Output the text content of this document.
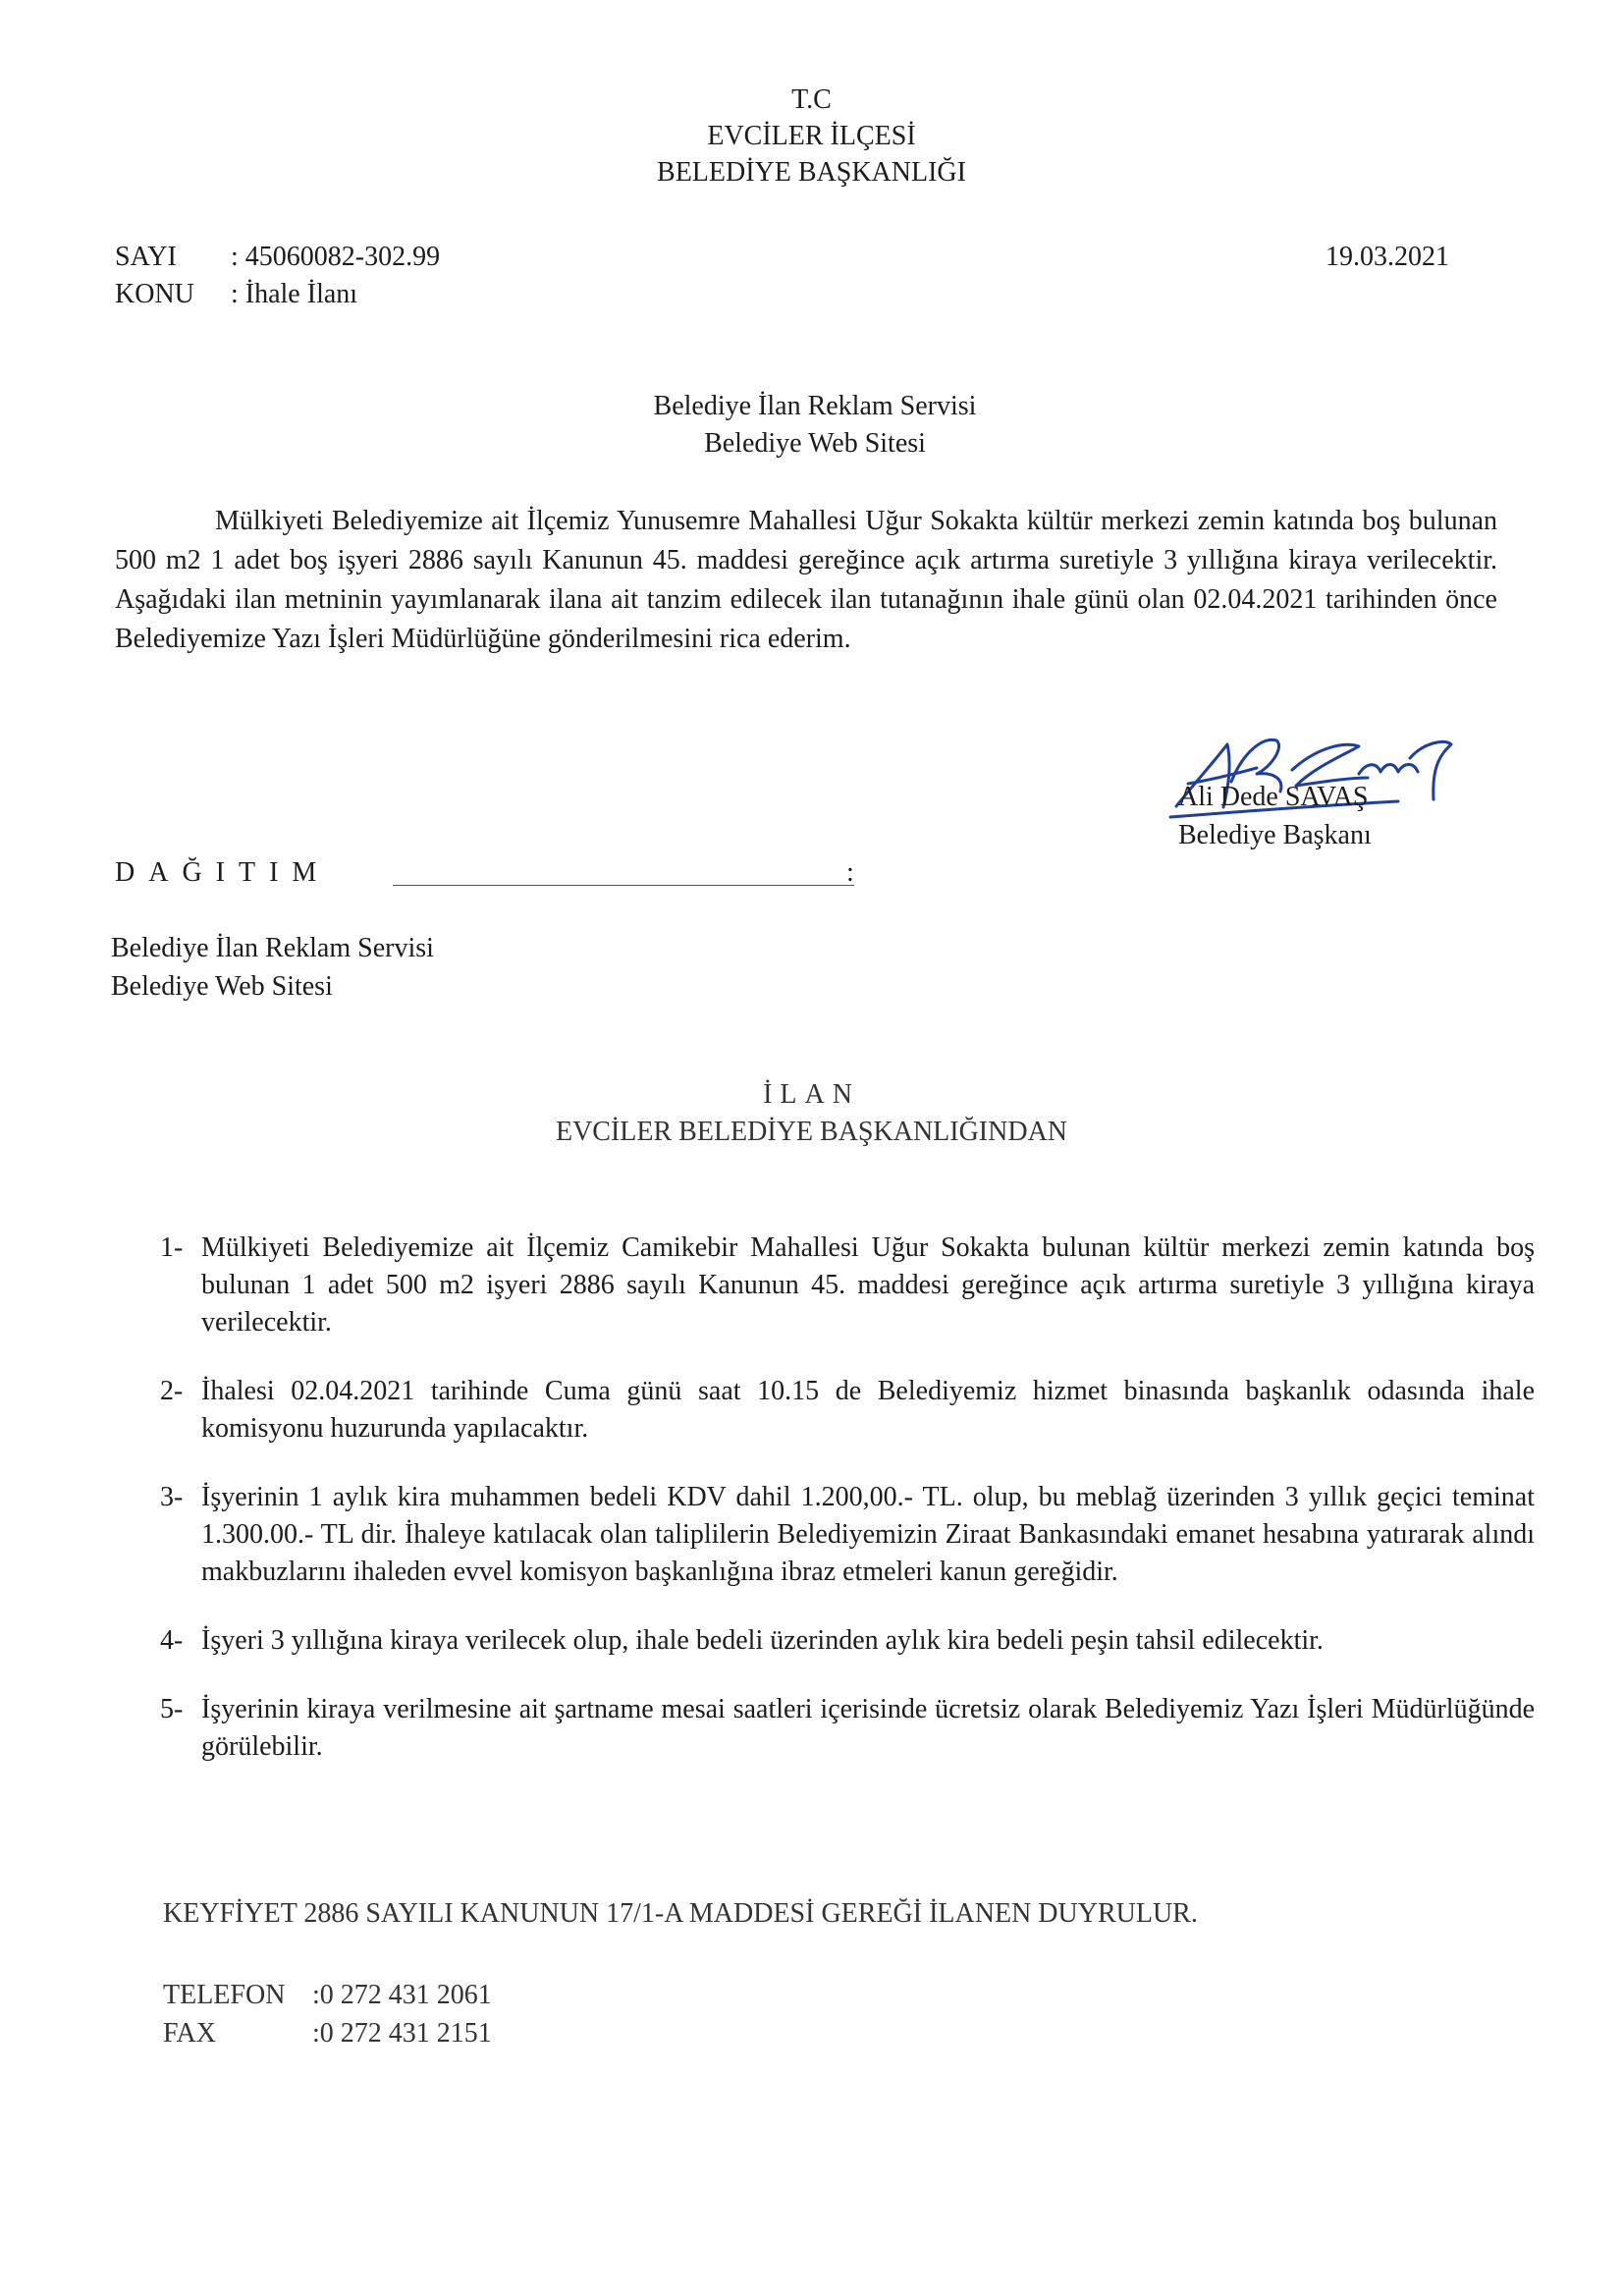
T.C
EVCİLER İLÇESİ
BELEDİYE BAŞKANLIĞI
SAYI : 45060082-302.99
KONU : İhale İlanı
19.03.2021
Belediye İlan Reklam Servisi
Belediye Web Sitesi
Mülkiyeti Belediyemize ait İlçemiz Yunusemre Mahallesi Uğur Sokakta kültür merkezi zemin katında boş bulunan 500 m2 1 adet boş işyeri 2886 sayılı Kanunun 45. maddesi gereğince açık artırma suretiyle 3 yıllığına kiraya verilecektir. Aşağıdaki ilan metninin yayımlanarak ilana ait tanzim edilecek ilan tutanağının ihale günü olan 02.04.2021 tarihinden önce Belediyemize Yazı İşleri Müdürlüğüne gönderilmesini rica ederim.
Ali Dede SAVAŞ
Belediye Başkanı
DAĞITIM	:
Belediye İlan Reklam Servisi
Belediye Web Sitesi
İLAN
EVCİLER BELEDİYE BAŞKANLIĞINDAN
1- Mülkiyeti Belediyemize ait İlçemiz Camikebir Mahallesi Uğur Sokakta bulunan kültür merkezi zemin katında boş bulunan 1 adet 500 m2 işyeri 2886 sayılı Kanunun 45. maddesi gereğince açık artırma suretiyle 3 yıllığına kiraya verilecektir.
2- İhalesi 02.04.2021 tarihinde Cuma günü saat 10.15 de Belediyemiz hizmet binasında başkanlık odasında ihale komisyonu huzurunda yapılacaktır.
3- İşyerinin 1 aylık kira muhammen bedeli KDV dahil 1.200,00.- TL. olup, bu meblağ üzerinden 3 yıllık geçici teminat 1.300.00.- TL dir. İhaleye katılacak olan taliplilerin Belediyemizin Ziraat Bankasındaki emanet hesabına yatırarak alındı makbuzlarını ihaleden evvel komisyon başkanlığına ibraz etmeleri kanun gereğidir.
4- İşyeri 3 yıllığına kiraya verilecek olup, ihale bedeli üzerinden aylık kira bedeli peşin tahsil edilecektir.
5- İşyerinin kiraya verilmesine ait şartname mesai saatleri içerisinde ücretsiz olarak Belediyemiz Yazı İşleri Müdürlüğünde görülebilir.
KEYFİYET 2886 SAYILI KANUNUN 17/1-A MADDESİ GEREĞİ İLANEN DUYRULUR.
TELEFON :0 272 431 2061
FAX	:0 272 431 2151
